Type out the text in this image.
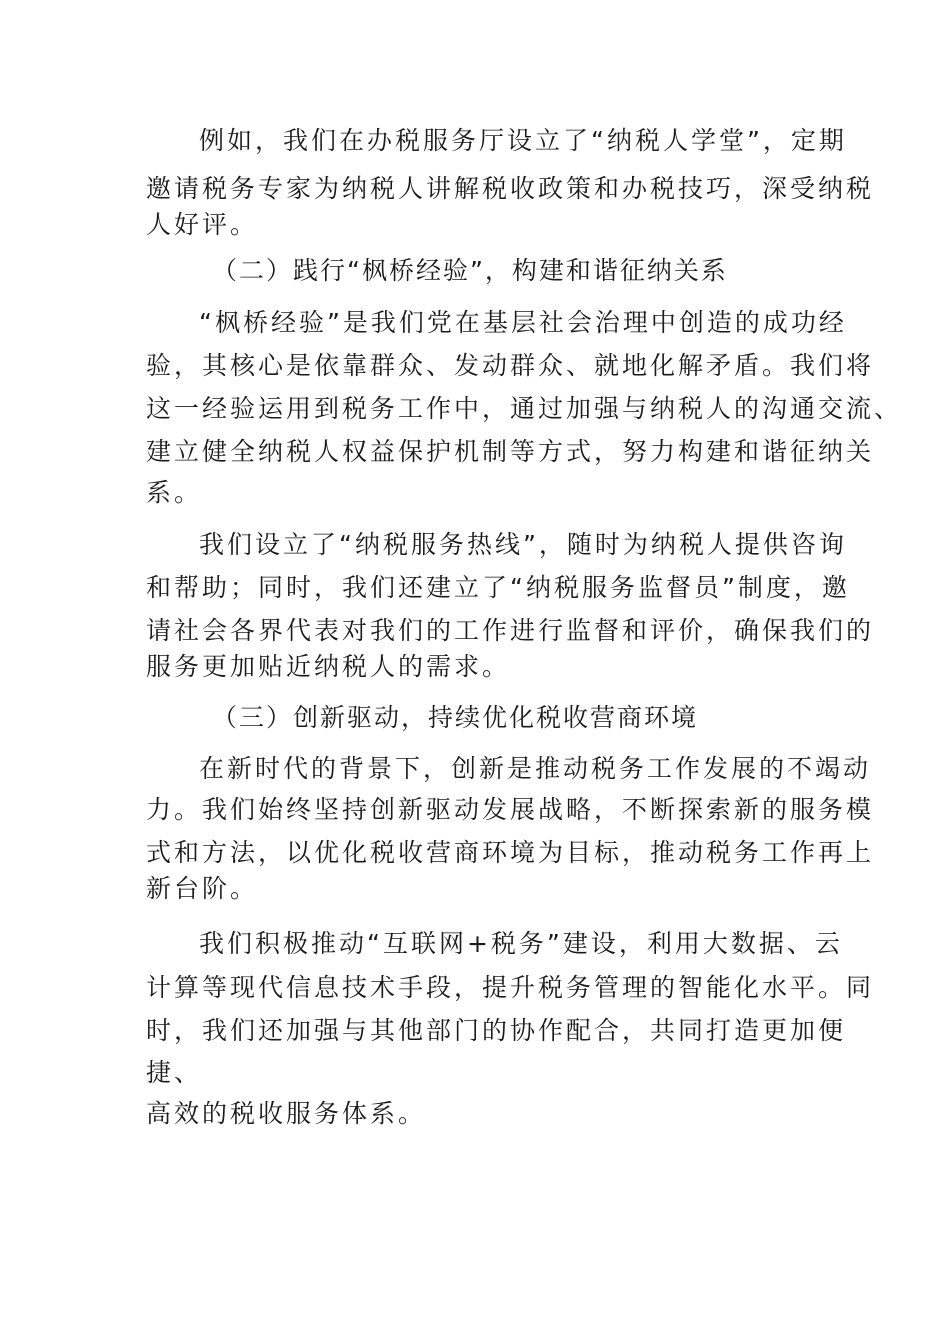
例如，我们在办税服务厅设立了“纳税人学堂”，定期

邀请税务专家为纳税人讲解税收政策和办税技巧，深受纳税

人好评。

（二）践行“枫桥经验”，构建和谐征纳关系

“枫桥经验”是我们党在基层社会治理中创造的成功经

验，其核心是依靠群众、发动群众、就地化解矛盾。我们将

这一经验运用到税务工作中，通过加强与纳税人的沟通交流、

建立健全纳税人权益保护机制等方式，努力构建和谐征纳关

系。

我们设立了“纳税服务热线”，随时为纳税人提供咨询

和帮助；同时，我们还建立了“纳税服务监督员”制度，邀

请社会各界代表对我们的工作进行监督和评价，确保我们的

服务更加贴近纳税人的需求。

（三）创新驱动，持续优化税收营商环境

在新时代的背景下，创新是推动税务工作发展的不竭动

力。我们始终坚持创新驱动发展战略，不断探索新的服务模

式和方法，以优化税收营商环境为目标，推动税务工作再上

新台阶。

我们积极推动“互联网+税务”建设，利用大数据、云

计算等现代信息技术手段，提升税务管理的智能化水平。同

时，我们还加强与其他部门的协作配合，共同打造更加便

捷、

高效的税收服务体系。
